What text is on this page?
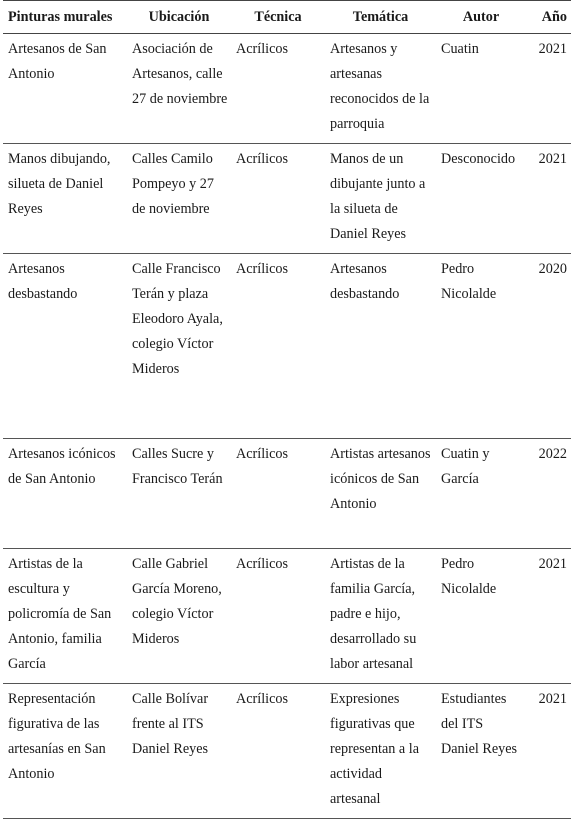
Pinturas murales	Ubicación	Técnica	Temática	Autor	Año
Artesanos de San Antonio	Asociación de Artesanos, calle 27 de noviembre	Acrílicos	Artesanos y artesanas reconocidos de la parroquia	Cuatin	2021
Manos dibujando, silueta de Daniel Reyes	Calles Camilo Pompeyo y 27 de noviembre	Acrílicos	Manos de un dibujante junto a la silueta de Daniel Reyes	Desconocido	2021
Artesanos desbastando	Calle Francisco Terán y plaza Eleodoro Ayala, colegio Víctor Mideros	Acrílicos	Artesanos desbastando	Pedro Nicolalde	2020
Artesanos icónicos de San Antonio	Calles Sucre y Francisco Terán	Acrílicos	Artistas artesanos icónicos de San Antonio	Cuatin y García	2022
Artistas de la escultura y policromía de San Antonio, familia García	Calle Gabriel García Moreno, colegio Víctor Mideros	Acrílicos	Artistas de la familia García, padre e hijo, desarrollado su labor artesanal	Pedro Nicolalde	2021
Representación figurativa de las artesanías en San Antonio	Calle Bolívar frente al ITS Daniel Reyes	Acrílicos	Expresiones figurativas que representan a la actividad artesanal	Estudiantes del ITS Daniel Reyes	2021
